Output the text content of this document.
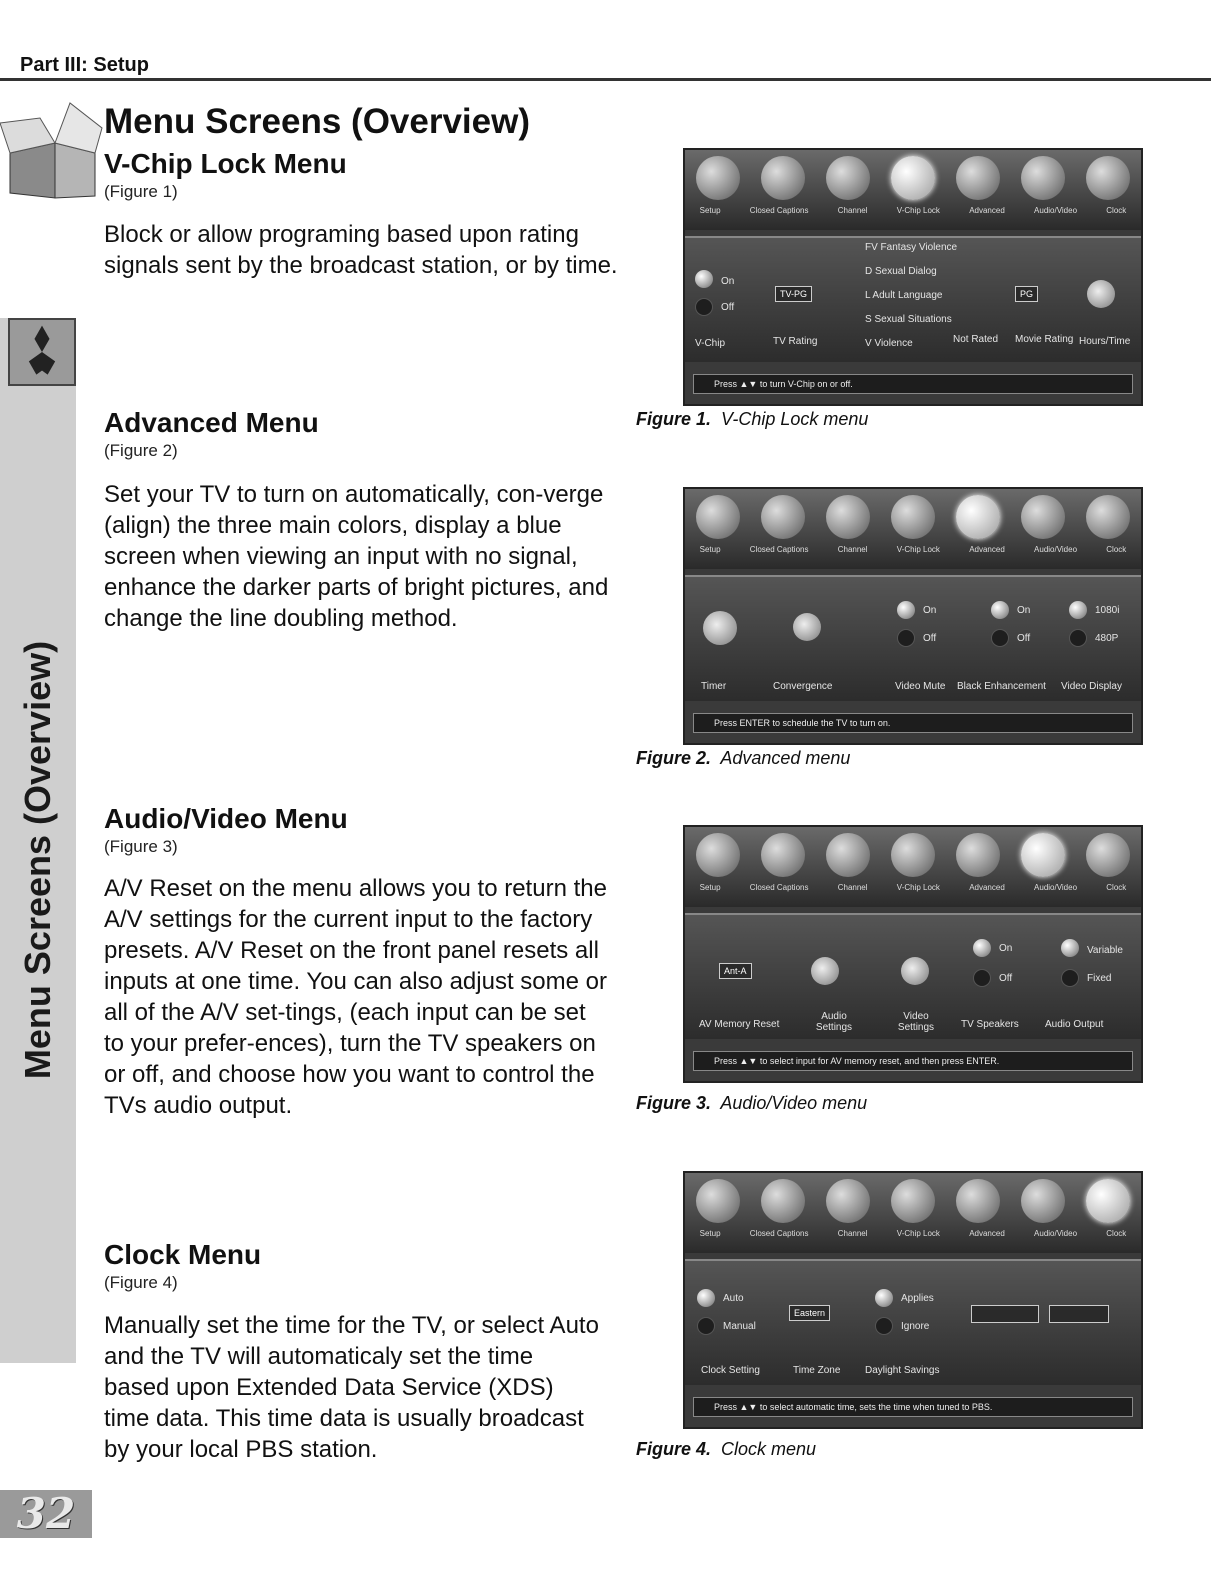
Part III: Setup
Menu Screens (Overview)
Menu Screens (Overview)
V-Chip Lock Menu
(Figure 1)
Block or allow programing based upon rating signals sent by the broadcast station, or by time.
Advanced Menu
(Figure 2)
Set your TV to turn on automatically, con-verge (align) the three main colors, display a blue screen when viewing an input with no signal, enhance the darker parts of bright pictures, and change the line doubling method.
Audio/Video Menu
(Figure 3)
A/V Reset on the menu allows you to return the A/V settings for the current input to the factory presets. A/V Reset on the front panel resets all inputs at one time. You can also adjust some or all of the A/V set-tings, (each input can be set to your prefer-ences), turn the TV speakers on or off, and choose how you want to control the TVs audio output.
Clock Menu
(Figure 4)
Manually set the time for the TV, or select Auto and the TV will automaticaly set the time based upon Extended Data Service (XDS) time data. This time data is usually broadcast by your local PBS station.
Setup	Closed Captions	Channel	V-Chip Lock	Advanced	Audio/Video	Clock
On
Off
TV-PG
FV Fantasy Violence
D Sexual Dialog
L Adult Language
S Sexual Situations
V Violence
PG
V-Chip	TV Rating	Not Rated Movie Rating Hours/Time
Press ▲▼ to turn V-Chip on or off.
Figure 1. V-Chip Lock menu
Setup	Closed Captions	Channel	V-Chip Lock	Advanced	Audio/Video	Clock
On
Off
On
Off
1080i
480P
Timer	Convergence	Video Mute Black Enhancement Video Display
Press ENTER to schedule the TV to turn on.
Figure 2. Advanced menu
Setup	Closed Captions	Channel	V-Chip Lock	Advanced	Audio/Video	Clock
Ant-A
On
Off
Variable
Fixed
AV Memory Reset
Audio Settings
Video Settings	TV Speakers	Audio Output
Press ▲▼ to select input for AV memory reset, and then press ENTER.
Figure 3. Audio/Video menu
Setup	Closed Captions	Channel	V-Chip Lock	Advanced	Audio/Video	Clock
Auto
Manual
Eastern
Applies
Ignore
Clock Setting	Time Zone Daylight Savings
Press ▲▼ to select automatic time, sets the time when tuned to PBS.
Figure 4. Clock menu
32
